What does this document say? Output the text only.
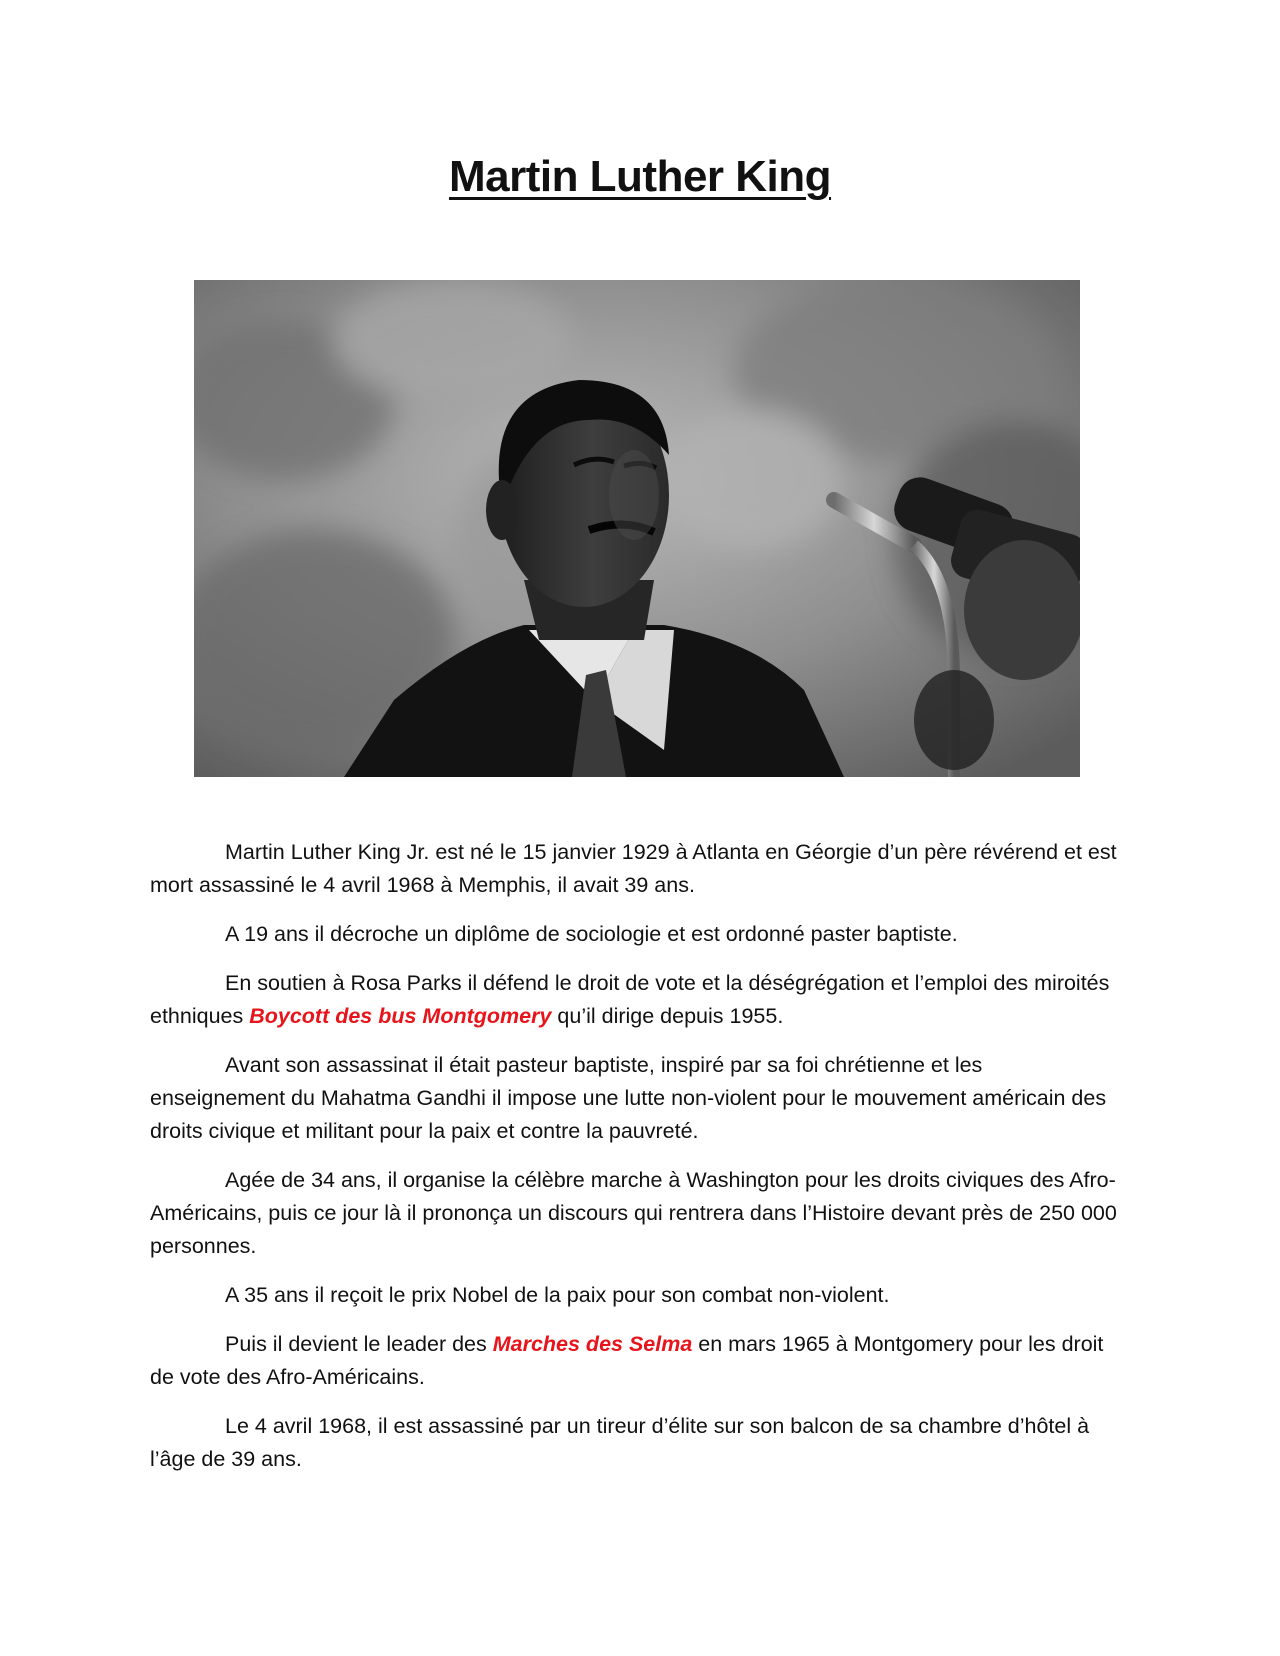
Martin Luther King

Martin Luther King Jr. est né le 15 janvier 1929 à Atlanta en Géorgie d’un père révérend et est mort assassiné le 4 avril 1968 à Memphis, il avait 39 ans.

A 19 ans il décroche un diplôme de sociologie et est ordonné paster baptiste.

En soutien à Rosa Parks il défend le droit de vote et la déségrégation et l’emploi des miroités ethniques Boycott des bus Montgomery qu’il dirige depuis 1955.

Avant son assassinat il était pasteur baptiste, inspiré par sa foi chrétienne et les enseignement du Mahatma Gandhi il impose une lutte non-violent pour le mouvement américain des droits civique et militant pour la paix et contre la pauvreté.

Agée de 34 ans, il organise la célèbre marche à Washington pour les droits civiques des Afro-Américains, puis ce jour là il prononça un discours qui rentrera dans l’Histoire devant près de 250 000 personnes.

A 35 ans il reçoit le prix Nobel de la paix pour son combat non-violent.

Puis il devient le leader des Marches des Selma en mars 1965 à Montgomery pour les droit de vote des Afro-Américains.

Le 4 avril 1968, il est assassiné par un tireur d’élite sur son balcon de sa chambre d’hôtel à l’âge de 39 ans.
